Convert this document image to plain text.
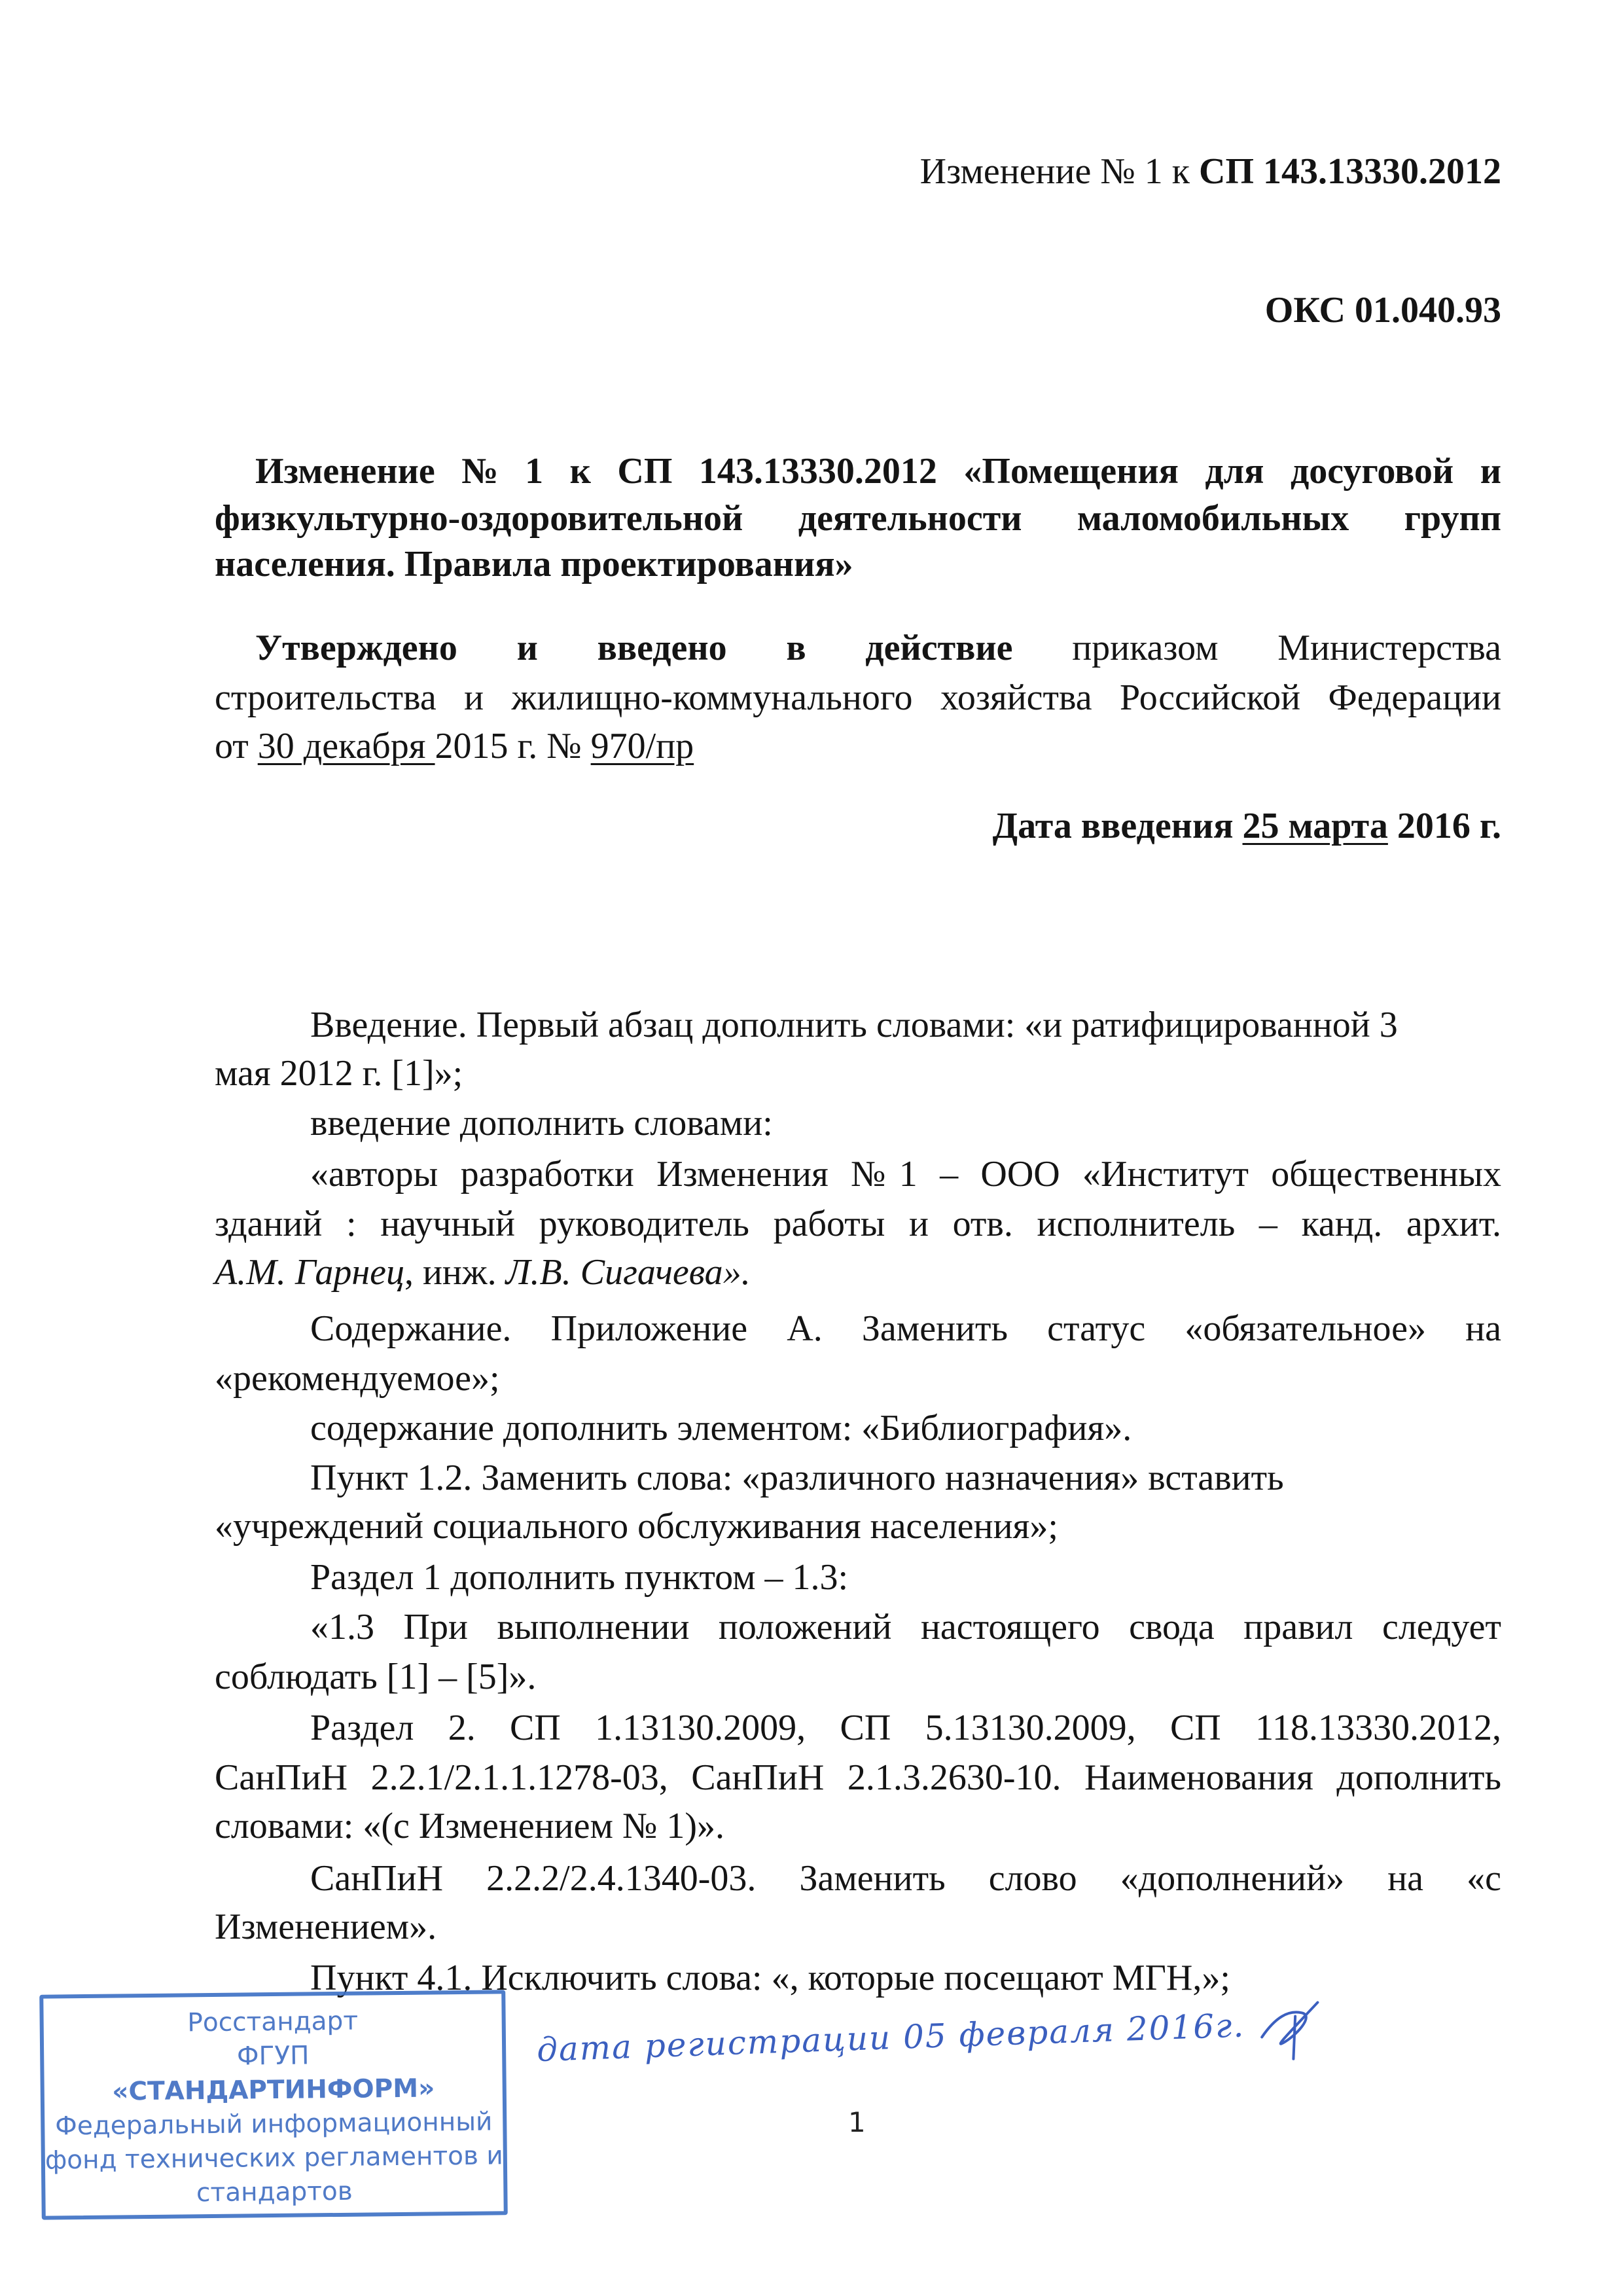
Изменение № 1 к СП 143.13330.2012
ОКС 01.040.93
Изменение № 1 к СП 143.13330.2012 «Помещения для досуговой и
физкультурно-оздоровительной деятельности маломобильных групп
населения. Правила проектирования»
Утверждено и введено в действие приказом Министерства
строительства и жилищно-коммунального хозяйства Российской Федерации
от 30 декабря 2015 г. № 970/пр
Дата введения 25 марта 2016 г.
Введение. Первый абзац дополнить словами: «и ратифицированной 3
мая 2012 г. [1]»;
введение дополнить словами:
«авторы разработки Изменения №1 – ООО «Институт общественных
зданий : научный руководитель работы и отв. исполнитель – канд. архит.
А.М. Гарнец, инж. Л.В. Сигачева».
Содержание. Приложение А. Заменить статус «обязательное» на
«рекомендуемое»;
содержание дополнить элементом: «Библиография».
Пункт 1.2. Заменить слова: «различного назначения» вставить
«учреждений социального обслуживания населения»;
Раздел 1 дополнить пунктом – 1.3:
«1.3 При выполнении положений настоящего свода правил следует
соблюдать [1] – [5]».
Раздел 2. СП 1.13130.2009, СП 5.13130.2009, СП 118.13330.2012,
СанПиН 2.2.1/2.1.1.1278-03, СанПиН 2.1.3.2630-10. Наименования дополнить
словами: «(с Изменением № 1)».
СанПиН 2.2.2/2.4.1340-03. Заменить слово «дополнений» на «с
Изменением».
Пункт 4.1. Исключить слова: «, которые посещают МГН,»;
Росстандарт
ФГУП
«СТАНДАРТИНФОРМ»
Федеральный информационный
фонд технических регламентов и
стандартов
дата регистрации 05 февраля 2016г.
1
